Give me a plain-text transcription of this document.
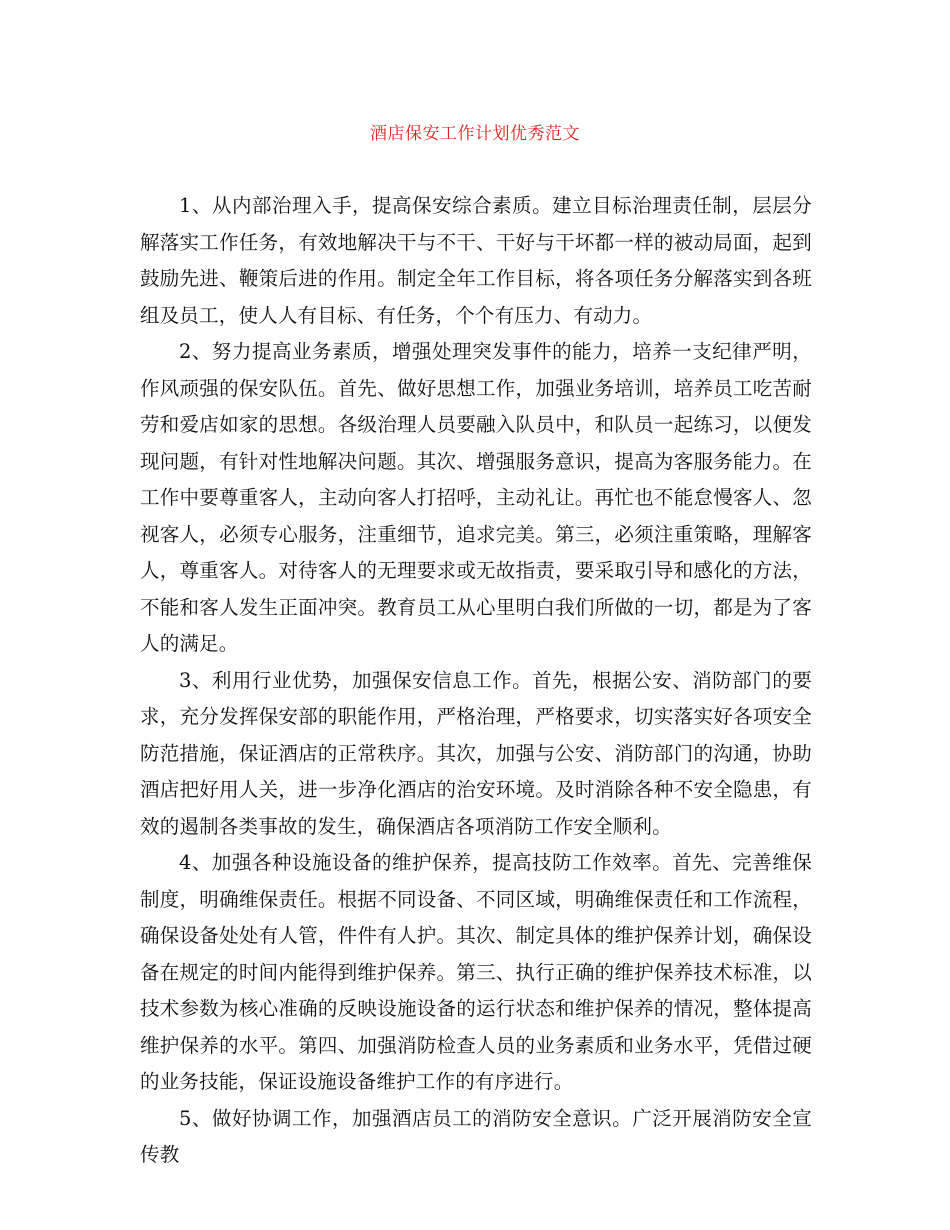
酒店保安工作计划优秀范文

1、从内部治理入手，提高保安综合素质。建立目标治理责任制，层层分解落实工作任务，有效地解决干与不干、干好与干坏都一样的被动局面，起到鼓励先进、鞭策后进的作用。制定全年工作目标，将各项任务分解落实到各班组及员工，使人人有目标、有任务，个个有压力、有动力。

2、努力提高业务素质，增强处理突发事件的能力，培养一支纪律严明，作风顽强的保安队伍。首先、做好思想工作，加强业务培训，培养员工吃苦耐劳和爱店如家的思想。各级治理人员要融入队员中，和队员一起练习，以便发现问题，有针对性地解决问题。其次、增强服务意识，提高为客服务能力。在工作中要尊重客人，主动向客人打招呼，主动礼让。再忙也不能怠慢客人、忽视客人，必须专心服务，注重细节，追求完美。第三，必须注重策略，理解客人，尊重客人。对待客人的无理要求或无故指责，要采取引导和感化的方法，不能和客人发生正面冲突。教育员工从心里明白我们所做的一切，都是为了客人的满足。

3、利用行业优势，加强保安信息工作。首先，根据公安、消防部门的要求，充分发挥保安部的职能作用，严格治理，严格要求，切实落实好各项安全防范措施，保证酒店的正常秩序。其次，加强与公安、消防部门的沟通，协助酒店把好用人关，进一步净化酒店的治安环境。及时消除各种不安全隐患，有效的遏制各类事故的发生，确保酒店各项消防工作安全顺利。

4、加强各种设施设备的维护保养，提高技防工作效率。首先、完善维保制度，明确维保责任。根据不同设备、不同区域，明确维保责任和工作流程，确保设备处处有人管，件件有人护。其次、制定具体的维护保养计划，确保设备在规定的时间内能得到维护保养。第三、执行正确的维护保养技术标准，以技术参数为核心准确的反映设施设备的运行状态和维护保养的情况，整体提高维护保养的水平。第四、加强消防检查人员的业务素质和业务水平，凭借过硬的业务技能，保证设施设备维护工作的有序进行。

5、做好协调工作，加强酒店员工的消防安全意识。广泛开展消防安全宣传教
